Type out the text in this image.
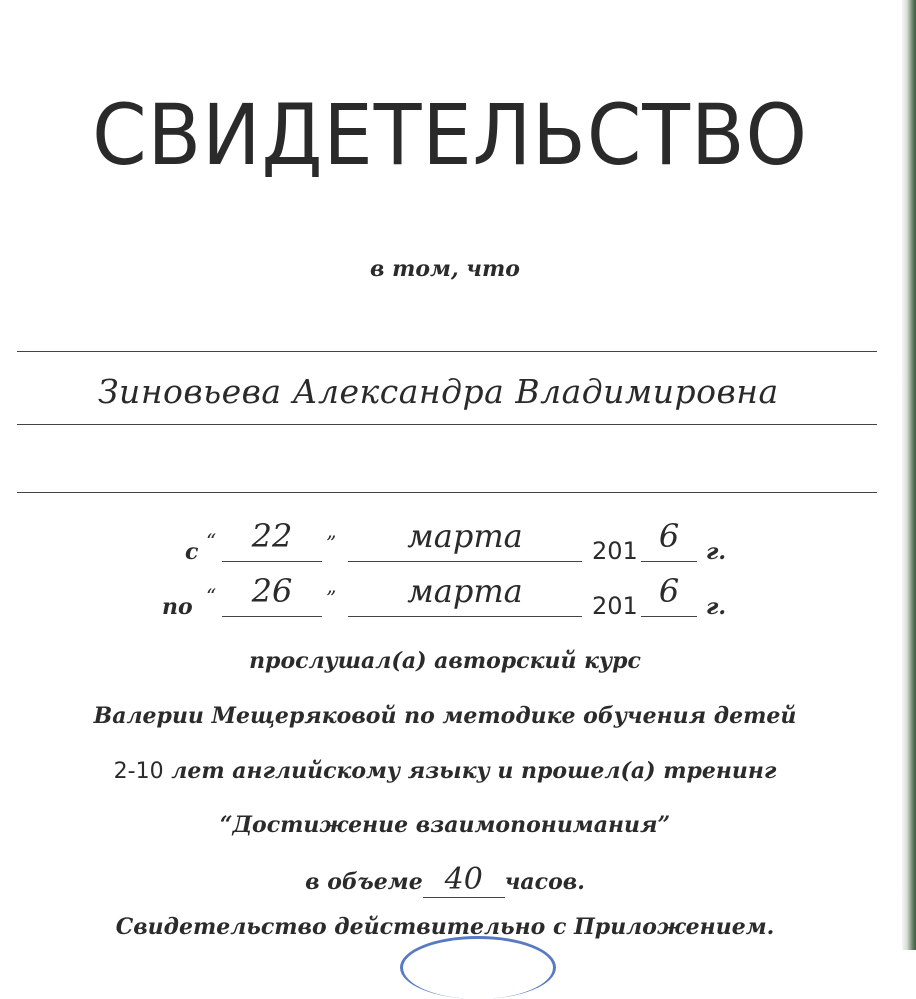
СВИДЕТЕЛЬСТВО
в том, что
Зиновьева Александра Владимировна
с “	22	”	марта	201 6	г.
по “	26	”	марта	201 6	г.
прослушал(а) авторский курс
Валерии Мещеряковой по методике обучения детей
2-10 лет английскому языку и прошел(а) тренинг
“Достижение взаимопонимания”
в объеме 40 часов.
Свидетельство действительно с Приложением.
